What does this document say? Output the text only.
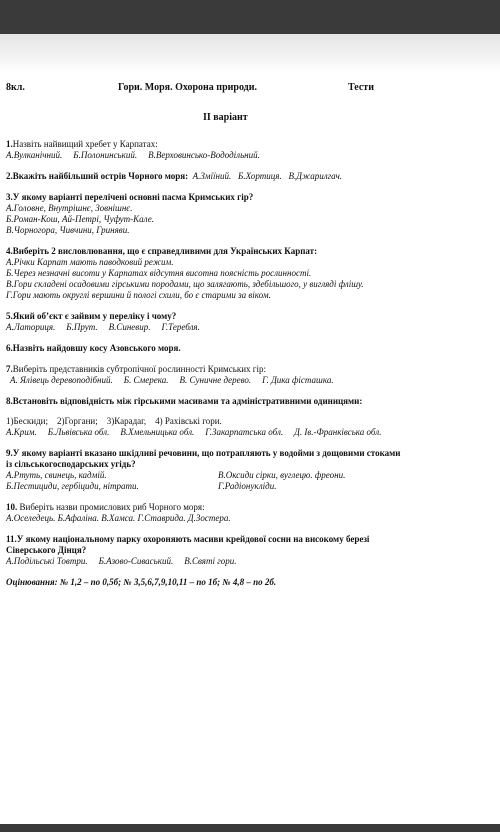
8кл.	Гори. Моря. Охорона природи.	Тести
II варіант
1.Назвіть найвищий хребет у Карпатах:
А.Вулканічний. Б.Полонинський. В.Верховинсько-Вододільний.
2.Вкажіть найбільший острів Чорного моря: А.Зміїний. Б.Хортиця. В.Джарилгач.
3.У якому варіанті перелічені основні пасма Кримських гір?
А.Головне, Внутрішнє, Зовнішнє.
Б.Роман-Кош, Ай-Петрі, Чуфут-Кале.
В.Чорногора, Чивчини, Гриняви.
4.Виберіть 2 висловлювання, що є справедливими для Українських Карпат:
А.Річки Карпат мають паводковий режим.
Б.Через незначні висоти у Карпатах відсутня висотна поясність рослинності.
В.Гори складені осадовими гірськими породами, що залягають, здебільшого, у вигляді флішу.
Г.Гори мають округлі вершини й пологі схили, бо є старими за віком.
5.Який об’єкт є зайвим у переліку і чому?
А.Латориця. Б.Прут. В.Синевир. Г.Теребля.
6.Назвіть найдовшу косу Азовського моря.
7.Виберіть представників субтропічної рослинності Кримських гір:
А. Ялівець деревоподібний. Б. Смерека. В. Суничне дерево. Г. Дика фісташка.
8.Встановіть відповідність між гірськими масивами та адміністративними одиницями:
1)Бескиди; 2)Горгани; 3)Карадаг, 4) Рахівські гори.
А.Крим. Б.Львівська обл. В.Хмельницька обл. Г.Закарпатська обл. Д. Ів.-Франківська обл.
9.У якому варіанті вказано шкідливі речовини, що потрапляють у водойми з дощовими стоками
із сільськогосподарських угідь?
А.Ртуть, свинець, кадмій.	В.Оксиди сірки, вуглецю. фреони.
Б.Пестициди, гербіциди, нітрати.	Г.Радіонукліди.
10. Виберіть назви промислових риб Чорного моря:
А.Оселедець. Б.Афаліна. В.Хамса. Г.Ставрида. Д.Зостера.
11.У якому національному парку охороняють масиви крейдової сосни на високому березі
Сіверського Дінця?
А.Подільські Товтри. Б.Азово-Сиваський. В.Святі гори.
Оцінювання: № 1,2 – по 0,5б; № 3,5,6,7,9,10,11 – по 1б; № 4,8 – по 2б.
